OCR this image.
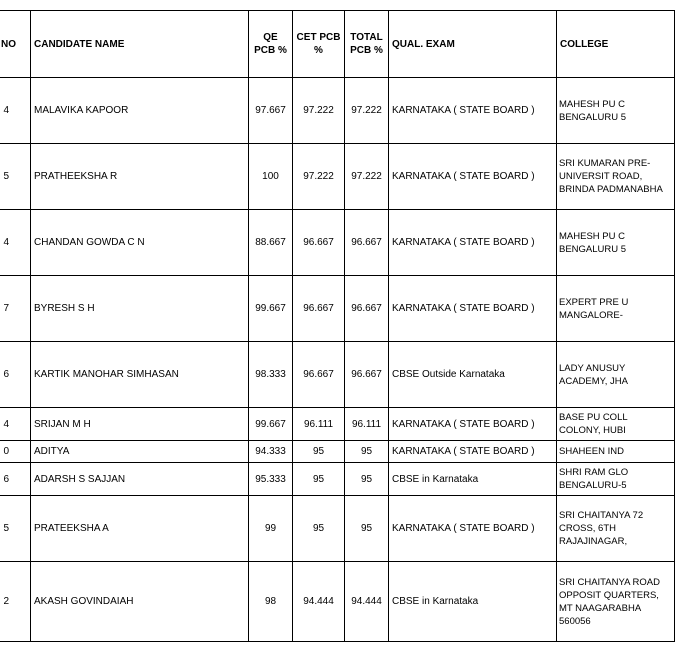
NO	CANDIDATE NAME	QE PCB %	CET PCB %	TOTAL PCB %	QUAL. EXAM	COLLEGE
4	MALAVIKA KAPOOR	97.667	97.222	97.222	KARNATAKA ( STATE BOARD )	MAHESH PU C BENGALURU 5
5	PRATHEEKSHA R	100	97.222	97.222	KARNATAKA ( STATE BOARD )	SRI KUMARAN PRE-UNIVERSIT ROAD, BRINDA PADMANABHA
4	CHANDAN GOWDA C N	88.667	96.667	96.667	KARNATAKA ( STATE BOARD )	MAHESH PU C BENGALURU 5
7	BYRESH S H	99.667	96.667	96.667	KARNATAKA ( STATE BOARD )	EXPERT PRE U MANGALORE-
6	KARTIK MANOHAR SIMHASAN	98.333	96.667	96.667	CBSE Outside Karnataka	LADY ANUSUY ACADEMY, JHA
4	SRIJAN M H	99.667	96.111	96.111	KARNATAKA ( STATE BOARD )	BASE PU COLL COLONY, HUBI
0	ADITYA	94.333	95	95	KARNATAKA ( STATE BOARD )	SHAHEEN IND
6	ADARSH S SAJJAN	95.333	95	95	CBSE in Karnataka	SHRI RAM GLO BENGALURU-5
5	PRATEEKSHA A	99	95	95	KARNATAKA ( STATE BOARD )	SRI CHAITANYA 72 CROSS, 6TH RAJAJINAGAR,
2	AKASH GOVINDAIAH	98	94.444	94.444	CBSE in Karnataka	SRI CHAITANYA ROAD OPPOSIT QUARTERS, MT NAAGARABHA 560056
